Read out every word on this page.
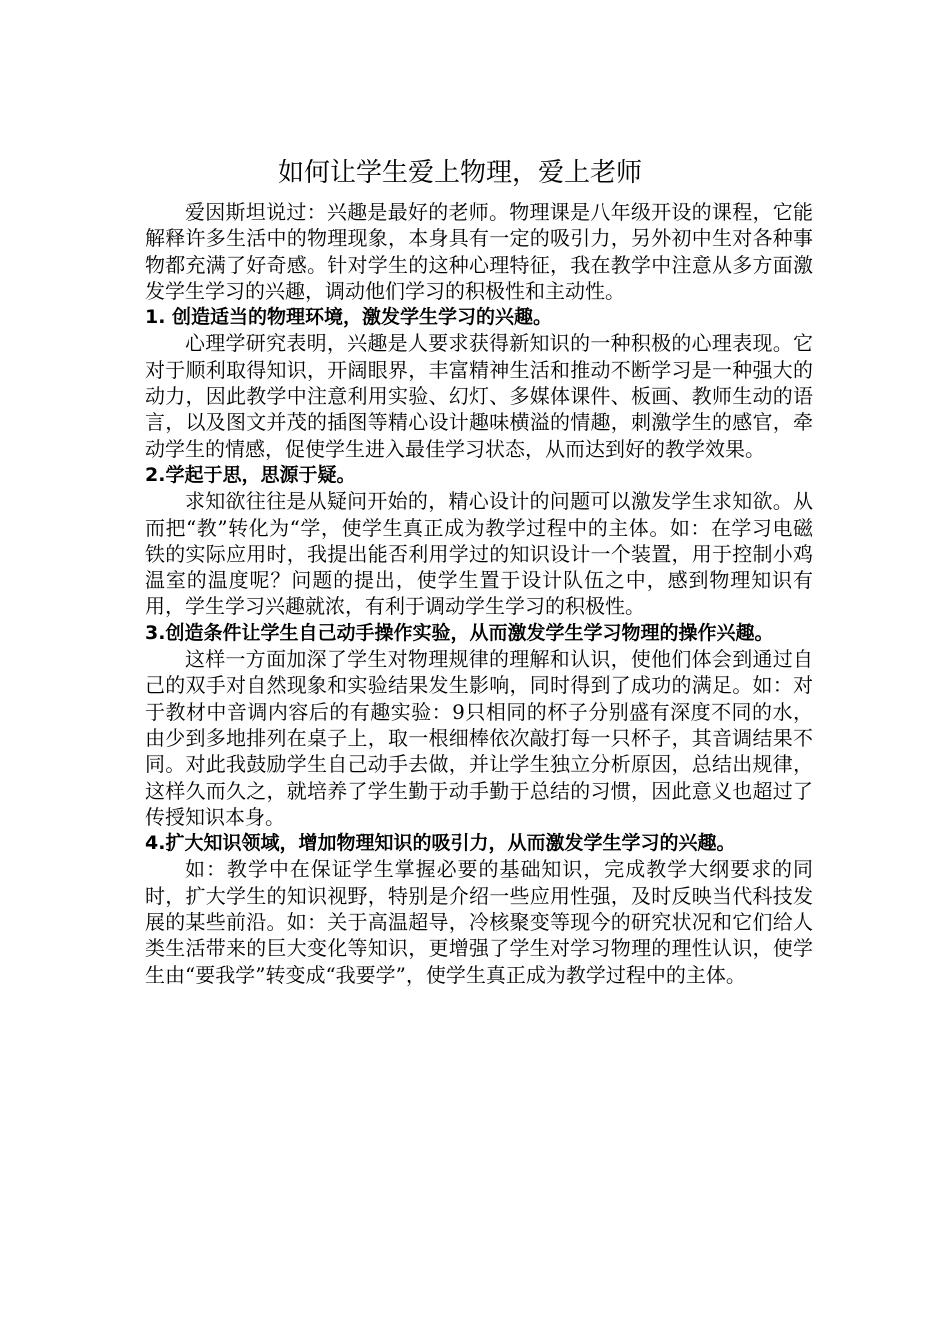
如何让学生爱上物理，爱上老师

爱因斯坦说过：兴趣是最好的老师。物理课是八年级开设的课程，它能解释许多生活中的物理现象，本身具有一定的吸引力，另外初中生对各种事物都充满了好奇感。针对学生的这种心理特征，我在教学中注意从多方面激发学生学习的兴趣，调动他们学习的积极性和主动性。

1. 创造适当的物理环境，激发学生学习的兴趣。

心理学研究表明，兴趣是人要求获得新知识的一种积极的心理表现。它对于顺利取得知识，开阔眼界，丰富精神生活和推动不断学习是一种强大的动力，因此教学中注意利用实验、幻灯、多媒体课件、板画、教师生动的语言，以及图文并茂的插图等精心设计趣味横溢的情趣，刺激学生的感官，牵动学生的情感，促使学生进入最佳学习状态，从而达到好的教学效果。

2.学起于思，思源于疑。

求知欲往往是从疑问开始的，精心设计的问题可以激发学生求知欲。从而把“教”转化为“学，使学生真正成为教学过程中的主体。如：在学习电磁铁的实际应用时，我提出能否利用学过的知识设计一个装置，用于控制小鸡温室的温度呢？问题的提出，使学生置于设计队伍之中，感到物理知识有用，学生学习兴趣就浓，有利于调动学生学习的积极性。

3.创造条件让学生自己动手操作实验，从而激发学生学习物理的操作兴趣。

这样一方面加深了学生对物理规律的理解和认识，使他们体会到通过自己的双手对自然现象和实验结果发生影响，同时得到了成功的满足。如：对于教材中音调内容后的有趣实验：9只相同的杯子分别盛有深度不同的水，由少到多地排列在桌子上，取一根细棒依次敲打每一只杯子，其音调结果不同。对此我鼓励学生自己动手去做，并让学生独立分析原因，总结出规律，这样久而久之，就培养了学生勤于动手勤于总结的习惯，因此意义也超过了传授知识本身。

4.扩大知识领域，增加物理知识的吸引力，从而激发学生学习的兴趣。

如：教学中在保证学生掌握必要的基础知识，完成教学大纲要求的同时，扩大学生的知识视野，特别是介绍一些应用性强，及时反映当代科技发展的某些前沿。如：关于高温超导，冷核聚变等现今的研究状况和它们给人类生活带来的巨大变化等知识，更增强了学生对学习物理的理性认识，使学生由“要我学”转变成“我要学”，使学生真正成为教学过程中的主体。
